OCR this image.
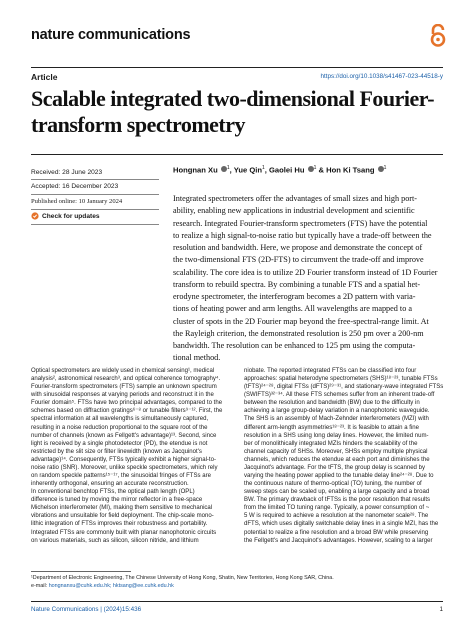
nature communications
Article	https://doi.org/10.1038/s41467-023-44518-y
Scalable integrated two-dimensional Fourier-
transform spectrometry
Received: 28 June 2023
Accepted: 16 December 2023
Published online: 10 January 2024
Check for updates
Hongnan Xu $^1$, Yue Qin$^1$, Gaolei Hu $^1$ & Hon Ki Tsang $^1$
Integrated spectrometers offer the advantages of small sizes and high port-
ability, enabling new applications in industrial development and scientific
research. Integrated Fourier-transform spectrometers (FTS) have the potential
to realize a high signal-to-noise ratio but typically have a trade-off between the
resolution and bandwidth. Here, we propose and demonstrate the concept of
the two-dimensional FTS (2D-FTS) to circumvent the trade-off and improve
scalability. The core idea is to utilize 2D Fourier transform instead of 1D Fourier
transform to rebuild spectra. By combining a tunable FTS and a spatial het-
erodyne spectrometer, the interferogram becomes a 2D pattern with varia-
tions of heating power and arm lengths. All wavelengths are mapped to a
cluster of spots in the 2D Fourier map beyond the free-spectral-range limit. At
the Rayleigh criterion, the demonstrated resolution is 250 pm over a 200-nm
bandwidth. The resolution can be enhanced to 125 pm using the computa-
tional method.
Optical spectrometers are widely used in chemical sensing¹, medical
analysis², astronomical research³, and optical coherence tomography⁴.
Fourier-transform spectrometers (FTS) sample an unknown spectrum
with sinusoidal responses at varying periods and reconstruct it in the
Fourier domain⁵. FTSs have two principal advantages, compared to the
schemes based on diffraction gratings⁶⁻⁸ or tunable filters⁹⁻¹². First, the
spectral information at all wavelengths is simultaneously captured,
resulting in a noise reduction proportional to the square root of the
number of channels (known as Fellgett's advantage)¹³. Second, since
light is received by a single photodetector (PD), the etendue is not
restricted by the slit size or filter linewidth (known as Jacquinot's
advantage)¹⁴. Consequently, FTSs typically exhibit a higher signal-to-
noise ratio (SNR). Moreover, unlike speckle spectrometers, which rely
on random speckle patterns¹⁵⁻¹⁷, the sinusoidal fringes of FTSs are
inherently orthogonal, ensuring an accurate reconstruction.
In conventional benchtop FTSs, the optical path length (OPL)
difference is tuned by moving the mirror reflector in a free-space
Michelson interferometer (MI), making them sensitive to mechanical
vibrations and unsuitable for field deployment. The chip-scale mono-
lithic integration of FTSs improves their robustness and portability.
Integrated FTSs are commonly built with planar nanophotonic circuits
on various materials, such as silicon, silicon nitride, and lithium
niobate. The reported integrated FTSs can be classified into four
approaches: spatial heterodyne spectrometers (SHS)¹⁸⁻²³, tunable FTSs
(tFTS)²⁴⁻²⁸, digital FTSs (dFTS)²⁹⁻³¹, and stationary-wave integrated FTSs
(SWIFTS)³²⁻³⁴. All these FTS schemes suffer from an inherent trade-off
between the resolution and bandwidth (BW) due to the difficulty in
achieving a large group-delay variation in a nanophotonic waveguide.
The SHS is an assembly of Mach-Zehnder interferometers (MZI) with
different arm-length asymmetries¹⁸⁻²³. It is feasible to attain a fine
resolution in a SHS using long delay lines. However, the limited num-
ber of monolithically integrated MZIs hinders the scalability of the
channel capacity of SHSs. Moreover, SHSs employ multiple physical
channels, which reduces the etendue at each port and diminishes the
Jacquinot's advantage. For the tFTS, the group delay is scanned by
varying the heating power applied to the tunable delay line²⁴⁻²⁸. Due to
the continuous nature of thermo-optical (TO) tuning, the number of
sweep steps can be scaled up, enabling a large capacity and a broad
BW. The primary drawback of tFTSs is the poor resolution that results
from the limited TO tuning range. Typically, a power consumption of ~
5 W is required to achieve a resolution at the nanometer scale²⁸. The
dFTS, which uses digitally switchable delay lines in a single MZI, has the
potential to realize a fine resolution and a broad BW while preserving
the Fellgett's and Jacquinot's advantages. However, scaling to a larger
¹Department of Electronic Engineering, The Chinese University of Hong Kong, Shatin, New Territories, Hong Kong SAR, China.
e-mail: hongnanxu@cuhk.edu.hk; hktsang@ee.cuhk.edu.hk
Nature Communications | (2024)15:436	1
